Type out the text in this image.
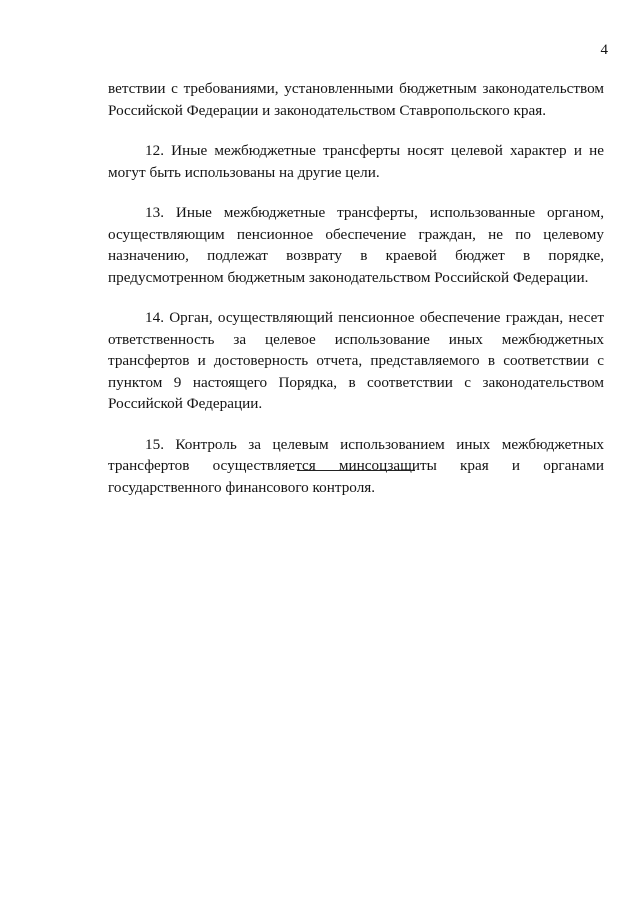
4

ветствии с требованиями, установленными бюджетным законодательством Российской Федерации и законодательством Ставропольского края.

12. Иные межбюджетные трансферты носят целевой характер и не могут быть использованы на другие цели.

13. Иные межбюджетные трансферты, использованные органом, осуществляющим пенсионное обеспечение граждан, не по целевому назначению, подлежат возврату в краевой бюджет в порядке, предусмотренном бюджетным законодательством Российской Федерации.

14. Орган, осуществляющий пенсионное обеспечение граждан, несет ответственность за целевое использование иных межбюджетных трансфертов и достоверность отчета, представляемого в соответствии с пунктом 9 настоящего Порядка, в соответствии с законодательством Российской Федерации.

15. Контроль за целевым использованием иных межбюджетных трансфертов осуществляется минсоцзащиты края и органами государственного финансового контроля.
